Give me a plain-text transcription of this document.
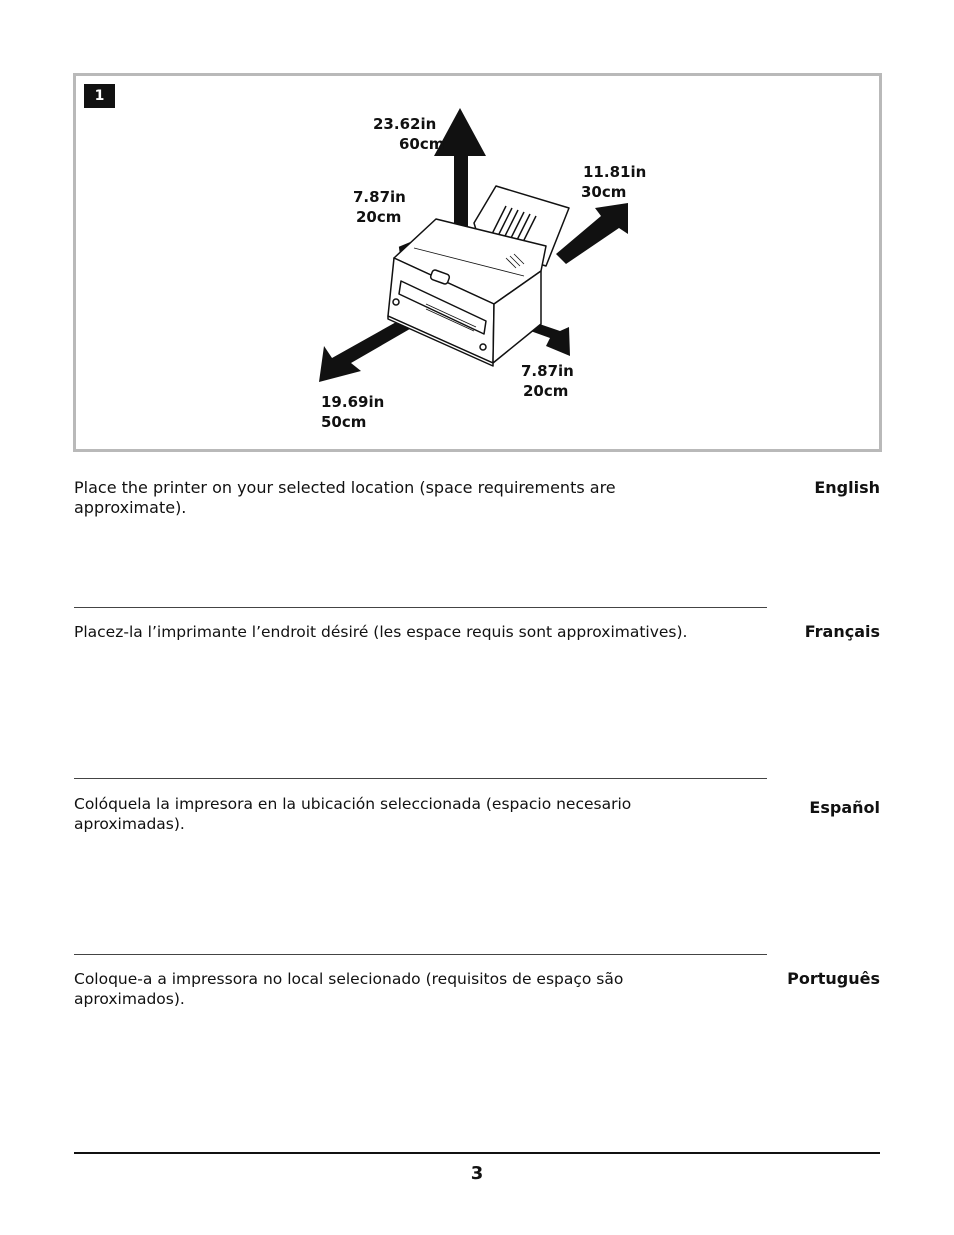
1
23.62in
60cm
11.81in
30cm
7.87in
20cm
7.87in
20cm
19.69in
50cm
Place the printer on your selected location (space requirements are approximate).
English
Placez-la l’imprimante l’endroit désiré (les espace requis sont approximatives).	Français
Colóquela la impresora en la ubicación seleccionada (espacio necesario aproximadas).
Español
Coloque-a a impressora no local selecionado (requisitos de espaço são aproximados).
Português
3
